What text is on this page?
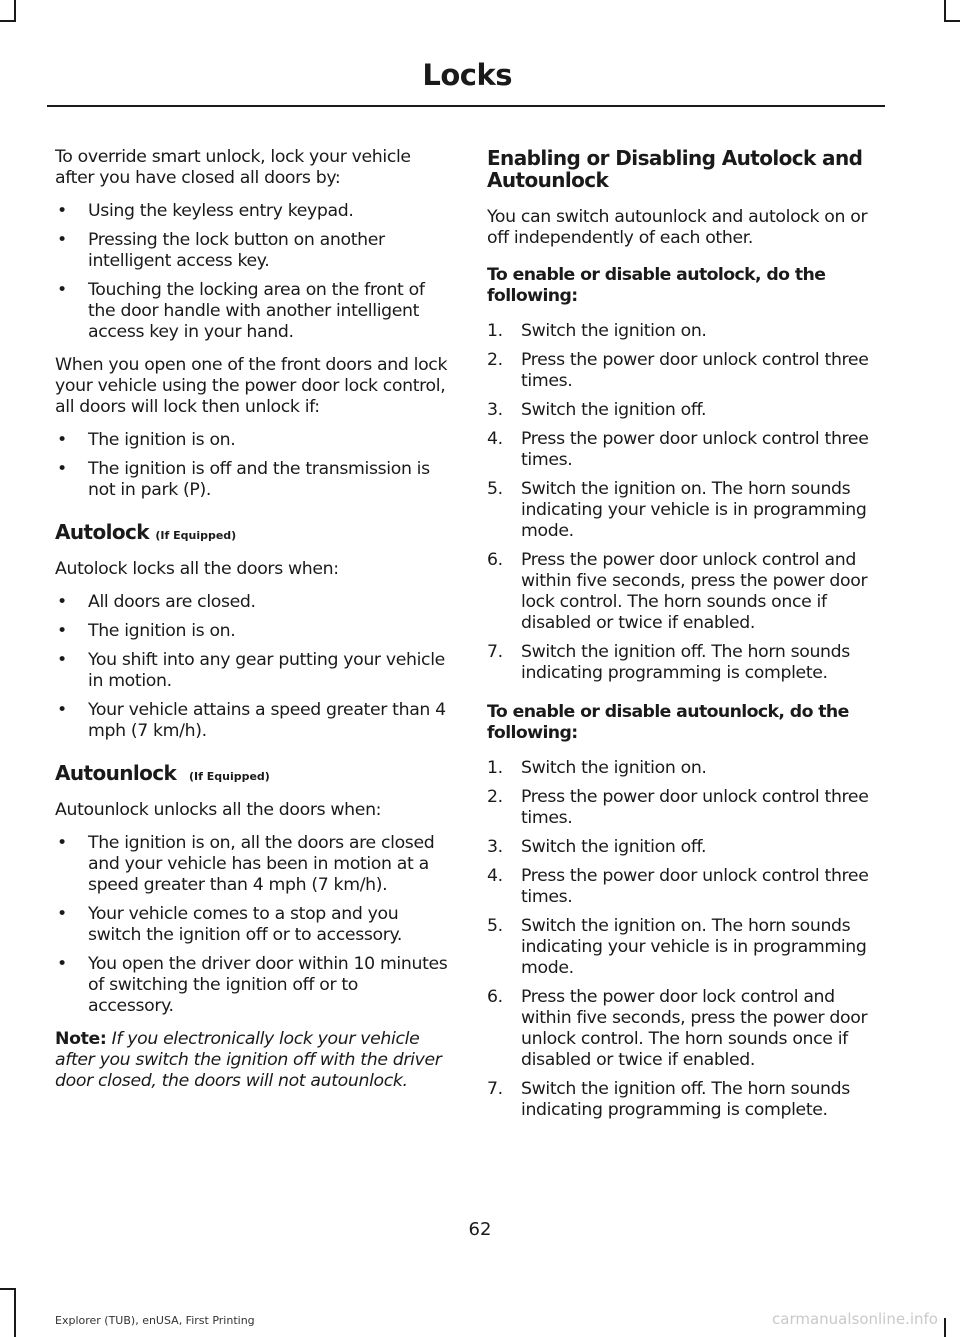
Locks

To override smart unlock, lock your vehicle after you have closed all doors by:

• Using the keyless entry keypad.
• Pressing the lock button on another intelligent access key.
• Touching the locking area on the front of the door handle with another intelligent access key in your hand.

When you open one of the front doors and lock your vehicle using the power door lock control, all doors will lock then unlock if:

• The ignition is on.
• The ignition is off and the transmission is not in park (P).
Autolock (If Equipped)

Autolock locks all the doors when:

• All doors are closed.
• The ignition is on.
• You shift into any gear putting your vehicle in motion.
• Your vehicle attains a speed greater than 4 mph (7 km/h).
Autounlock (If Equipped)

Autounlock unlocks all the doors when:

• The ignition is on, all the doors are closed and your vehicle has been in motion at a speed greater than 4 mph (7 km/h).
• Your vehicle comes to a stop and you switch the ignition off or to accessory.
• You open the driver door within 10 minutes of switching the ignition off or to accessory.

Note: If you electronically lock your vehicle after you switch the ignition off with the driver door closed, the doors will not autounlock.

Enabling or Disabling Autolock and Autounlock

You can switch autounlock and autolock on or off independently of each other.

To enable or disable autolock, do the following:
1. Switch the ignition on.
2. Press the power door unlock control three times.
3. Switch the ignition off.
4. Press the power door unlock control three times.
5. Switch the ignition on. The horn sounds indicating your vehicle is in programming mode.
6. Press the power door unlock control and within five seconds, press the power door lock control. The horn sounds once if disabled or twice if enabled.
7. Switch the ignition off. The horn sounds indicating programming is complete.
To enable or disable autounlock, do the following:
1. Switch the ignition on.
2. Press the power door unlock control three times.
3. Switch the ignition off.
4. Press the power door unlock control three times.
5. Switch the ignition on. The horn sounds indicating your vehicle is in programming mode.
6. Press the power door lock control and within five seconds, press the power door unlock control. The horn sounds once if disabled or twice if enabled.
7. Switch the ignition off. The horn sounds indicating programming is complete.
62
Explorer (TUB), enUSA, First Printing	carmanualsonline.info
